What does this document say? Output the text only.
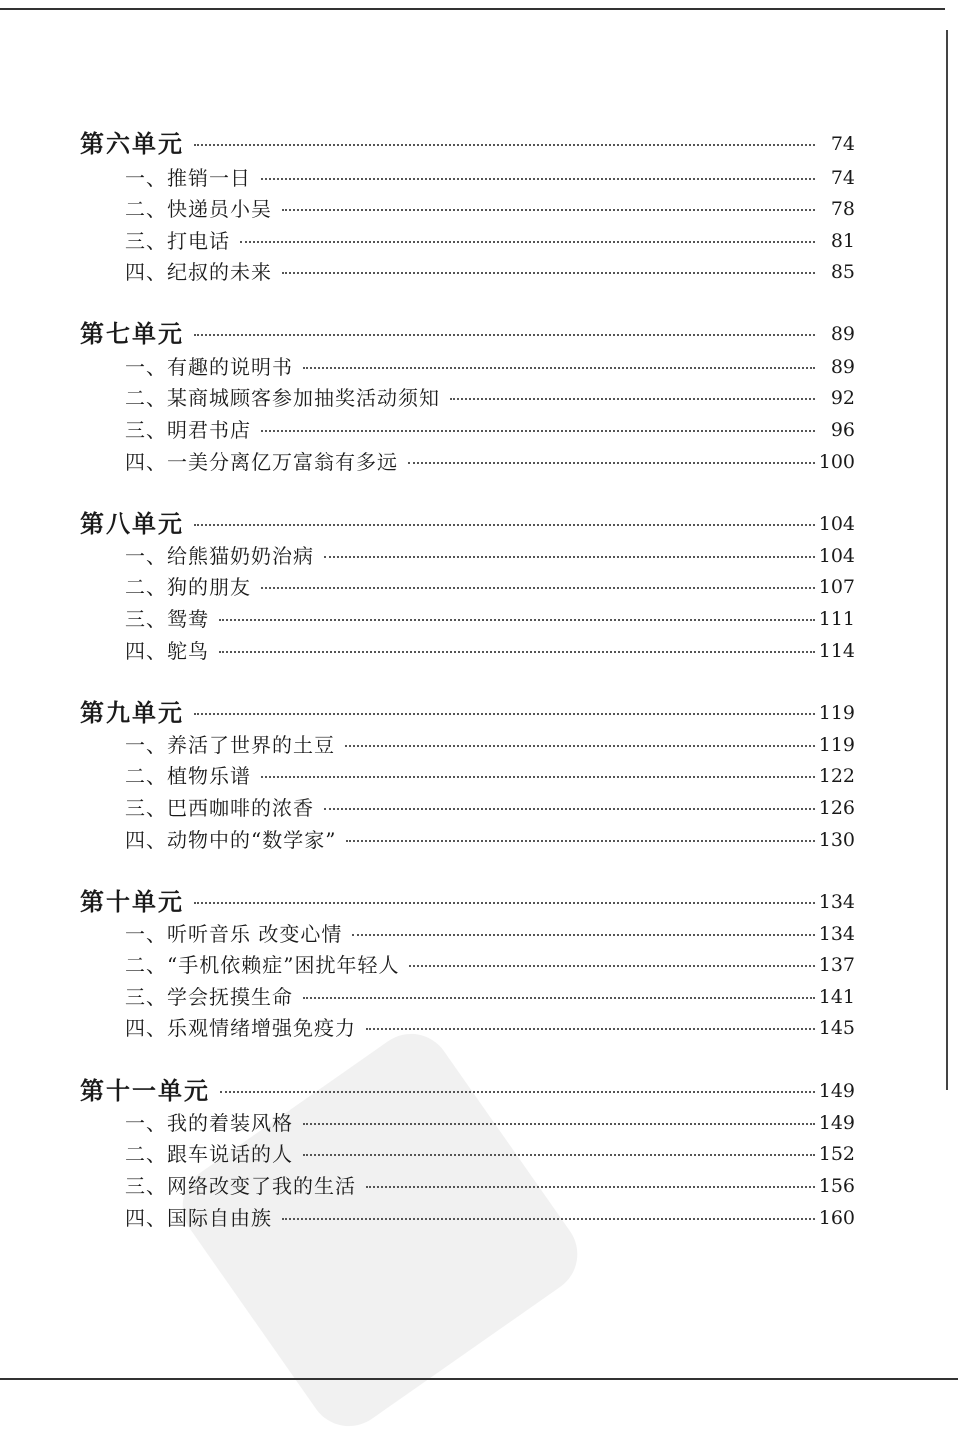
第六单元	74
一、推销一日	74
二、快递员小吴	78
三、打电话	81
四、纪叔的未来	85
第七单元	89
一、有趣的说明书	89
二、某商城顾客参加抽奖活动须知	92
三、明君书店	96
四、一美分离亿万富翁有多远	100
第八单元	104
一、给熊猫奶奶治病	104
二、狗的朋友	107
三、鸳鸯	111
四、鸵鸟	114
第九单元	119
一、养活了世界的土豆	119
二、植物乐谱	122
三、巴西咖啡的浓香	126
四、动物中的“数学家”	130
第十单元	134
一、听听音乐 改变心情	134
二、“手机依赖症”困扰年轻人	137
三、学会抚摸生命	141
四、乐观情绪增强免疫力	145
第十一单元	149
一、我的着装风格	149
二、跟车说话的人	152
三、网络改变了我的生活	156
四、国际自由族	160
